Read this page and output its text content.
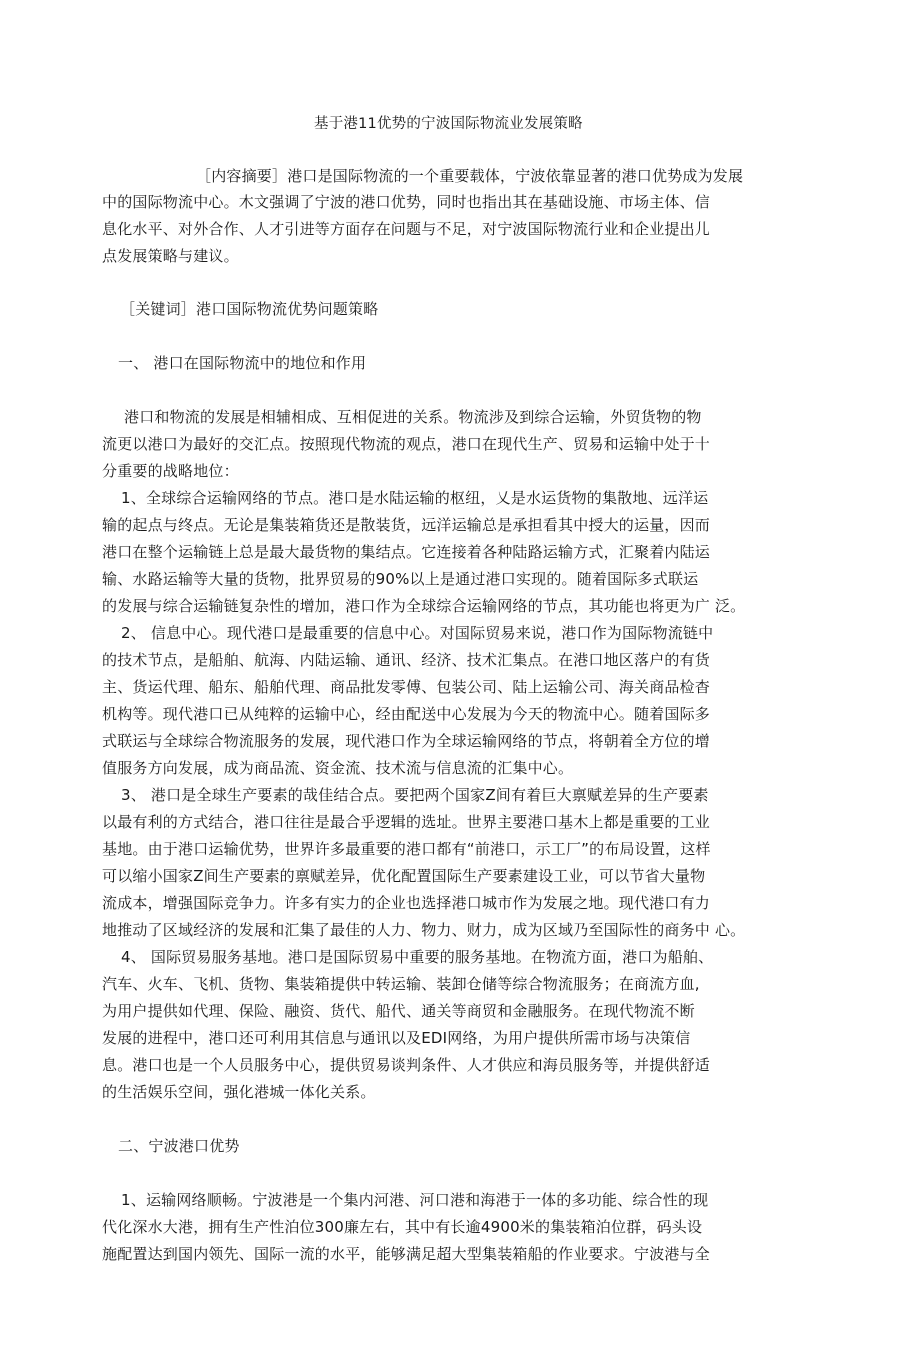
基于港11优势的宁波国际物流业发展策略
［内容摘要］港口是国际物流的一个重要载体，宁波依靠显著的港口优势成为发展
中的国际物流中心。木文强调了宁波的港口优势，同时也指出其在基础设施、市场主体、信
息化水平、对外合作、人才引进等方面存在问题与不足，对宁波国际物流行业和企业提出儿
点发展策略与建议。
［关键词］港口国际物流优势问题策略
一、 港口在国际物流中的地位和作用
港口和物流的发展是相辅相成、互相促进的关系。物流涉及到综合运输，外贸货物的物
流更以港口为最好的交汇点。按照现代物流的观点，港口在现代生产、贸易和运输中处于十
分重要的战略地位：
1、全球综合运输网络的节点。港口是水陆运输的枢纽，乂是水运货物的集散地、远洋运
输的起点与终点。无论是集装箱货还是散装货，远洋运输总是承担看其中授大的运量，因而
港口在整个运输链上总是最大最货物的集结点。它连接着各种陆路运输方式，汇聚着内陆运
输、水路运输等大量的货物，批界贸易的90%以上是通过港口实现的。随着国际多式联运
的发展与综合运输链复杂性的增加，港口作为全球综合运输网络的节点，其功能也将更为广 泛。
2、 信息中心。现代港口是最重要的信息中心。对国际贸易来说，港口作为国际物流链中
的技术节点，是船舶、航海、内陆运输、通讯、经济、技术汇集点。在港口地区落户的有货
主、货运代理、船东、船舶代理、商品批发零傅、包装公司、陆上运输公司、海关商品检杳
机构等。现代港口已从纯粹的运输中心，经由配送中心发展为今天的物流中心。随着国际多
式联运与全球综合物流服务的发展，现代港口作为全球运输网络的节点，将朝着全方位的增
值服务方向发展，成为商品流、资金流、技术流与信息流的汇集中心。
3、 港口是全球生产要素的哉佳结合点。要把两个国家Z间有着巨大禀赋差异的生产要素
以最有利的方式结合，港口往往是最合乎逻辑的选址。世界主要港口基木上都是重要的工业
基地。由于港口运输优势，世界许多最重要的港口都有“前港口，示工厂”的布局设置，这样
可以缩小国家Z间生产要素的禀赋差异，优化配置国际生产要素建设工业，可以节省大量物
流成本，增强国际竞争力。许多有实力的企业也选择港口城市作为发展之地。现代港口有力
地推动了区域经济的发展和汇集了最佳的人力、物力、财力，成为区域乃至国际性的商务中 心。
4、 国际贸易服务基地。港口是国际贸易中重要的服务基地。在物流方面，港口为船舶、
汽车、火车、飞机、货物、集装箱提供中转运输、装卸仓储等综合物流服务；在商流方血,
为用户提供如代理、保险、融资、货代、船代、通关等商贸和金融服务。在现代物流不断
发展的进程中，港口还可利用其信息与通讯以及EDI网络，为用户提供所需市场与决策信
息。港口也是一个人员服务中心，提供贸易谈判条件、人才供应和海员服务等，并提供舒适
的生活娱乐空间，强化港城一体化关系。
二、宁波港口优势
1、运输网络顺畅。宁波港是一个集内河港、河口港和海港于一体的多功能、综合性的现
代化深水大港，拥有生产性泊位300廉左右，其中有长逾4900米的集装箱泊位群，码头设
施配置达到国内领先、国际一流的水平，能够满足超大型集装箱船的作业要求。宁波港与全
